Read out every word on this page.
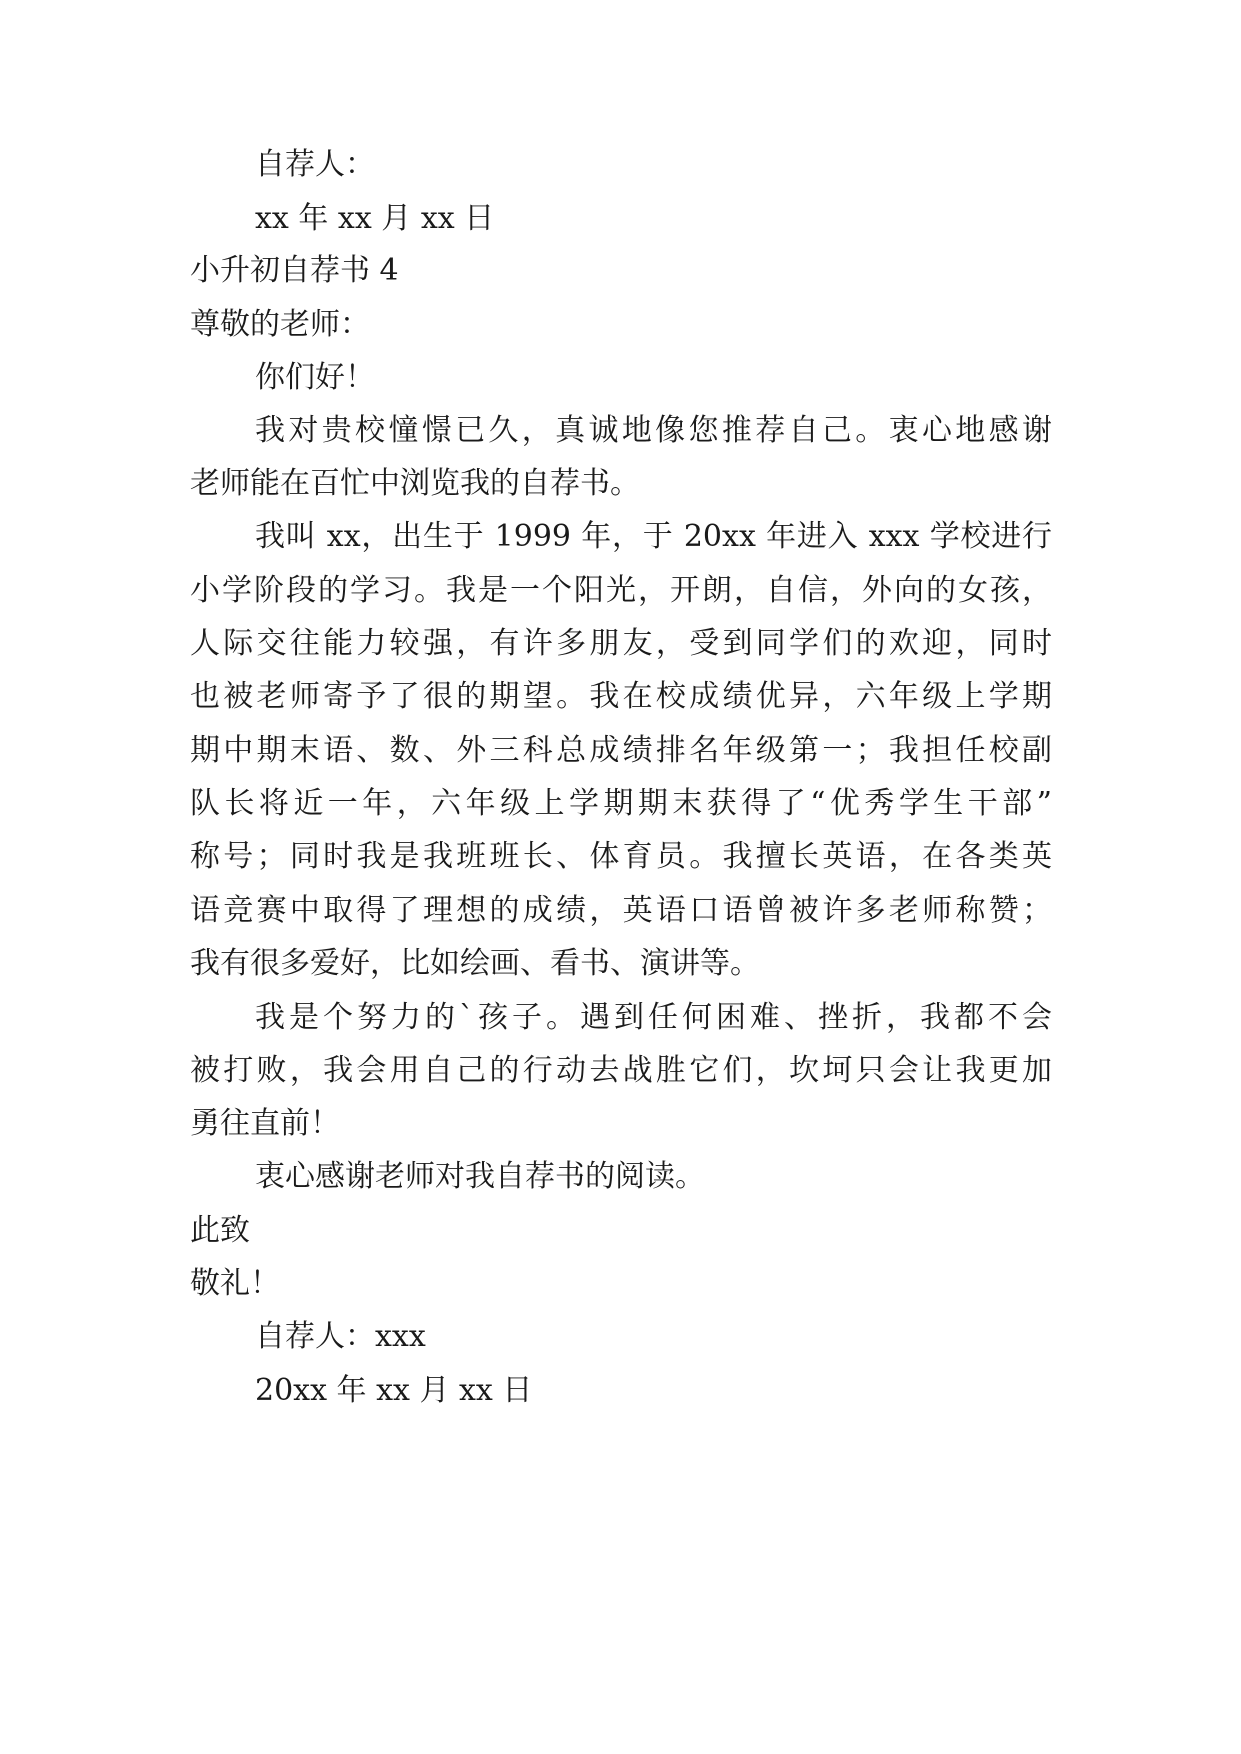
自荐人：
xx 年 xx 月 xx 日
小升初自荐书 4
尊敬的老师：
你们好！
我对贵校憧憬已久，真诚地像您推荐自己。衷心地感谢
老师能在百忙中浏览我的自荐书。
我叫 xx，出生于 1999 年，于 20xx 年进入 xxx 学校进行
小学阶段的学习。我是一个阳光，开朗，自信，外向的女孩，
人际交往能力较强，有许多朋友，受到同学们的欢迎，同时
也被老师寄予了很的期望。我在校成绩优异，六年级上学期
期中期末语、数、外三科总成绩排名年级第一；我担任校副
队长将近一年，六年级上学期期末获得了“优秀学生干部”
称号；同时我是我班班长、体育员。我擅长英语，在各类英
语竞赛中取得了理想的成绩，英语口语曾被许多老师称赞；
我有很多爱好，比如绘画、看书、演讲等。
我是个努力的`孩子。遇到任何困难、挫折，我都不会
被打败，我会用自己的行动去战胜它们，坎坷只会让我更加
勇往直前！
衷心感谢老师对我自荐书的阅读。
此致
敬礼！
自荐人：xxx
20xx 年 xx 月 xx 日
